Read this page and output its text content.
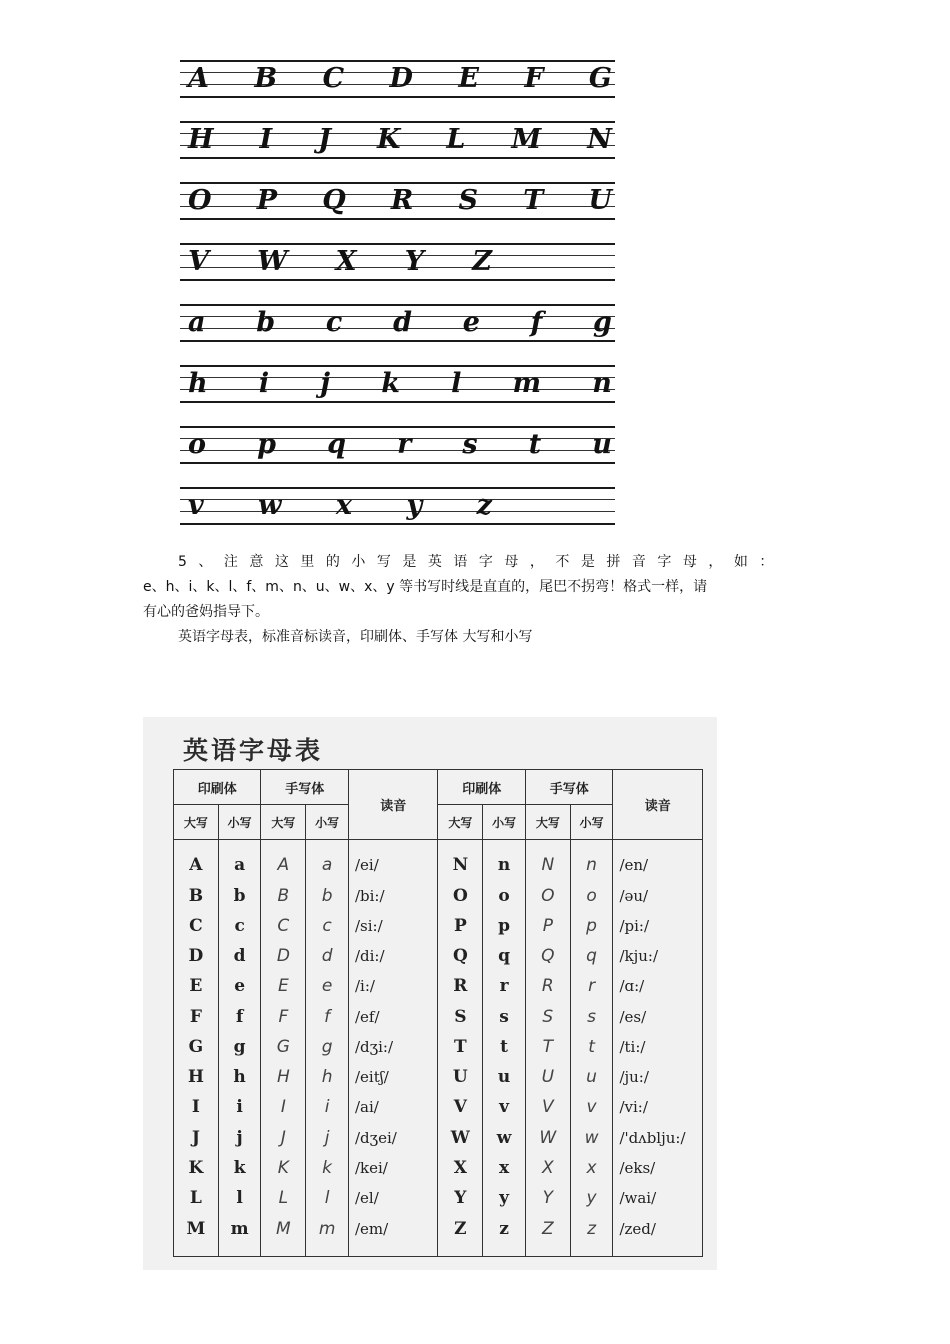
A B C D E F G
H I J K L M N
O P Q R S T U
V W X Y Z
a b c d e f g
h i j k l m n
o p q r s t u
v w x y z
5、注意这里的小写是英语字母，不是拼音字母，如：
e、h、i、k、l、f、m、n、u、w、x、y 等书写时线是直直的，尾巴不拐弯！格式一样，请
有心的爸妈指导下。
英语字母表，标准音标读音，印刷体、手写体 大写和小写
英语字母表
印刷体		手写体		读音	印刷体		手写体		读音
大写	小写	大写	小写		大写	小写	大写	小写	
A	a	A	a	/ei/	N	n	N	n	/en/
B	b	B	b	/bi:/	O	o	O	o	/əu/
C	c	C	c	/si:/	P	p	P	p	/pi:/
D	d	D	d	/di:/	Q	q	Q	q	/kju:/
E	e	E	e	/i:/	R	r	R	r	/ɑ:/
F	f	F	f	/ef/	S	s	S	s	/es/
G	g	G	g	/dʒi:/	T	t	T	t	/ti:/
H	h	H	h	/eitʃ/	U	u	U	u	/ju:/
I	i	I	i	/ai/	V	v	V	v	/vi:/
J	j	J	j	/dʒei/	W	w	W	w	/'dʌblju:/
K	k	K	k	/kei/	X	x	X	x	/eks/
L	l	L	l	/el/	Y	y	Y	y	/wai/
M	m	M	m	/em/	Z	z	Z	z	/zed/
